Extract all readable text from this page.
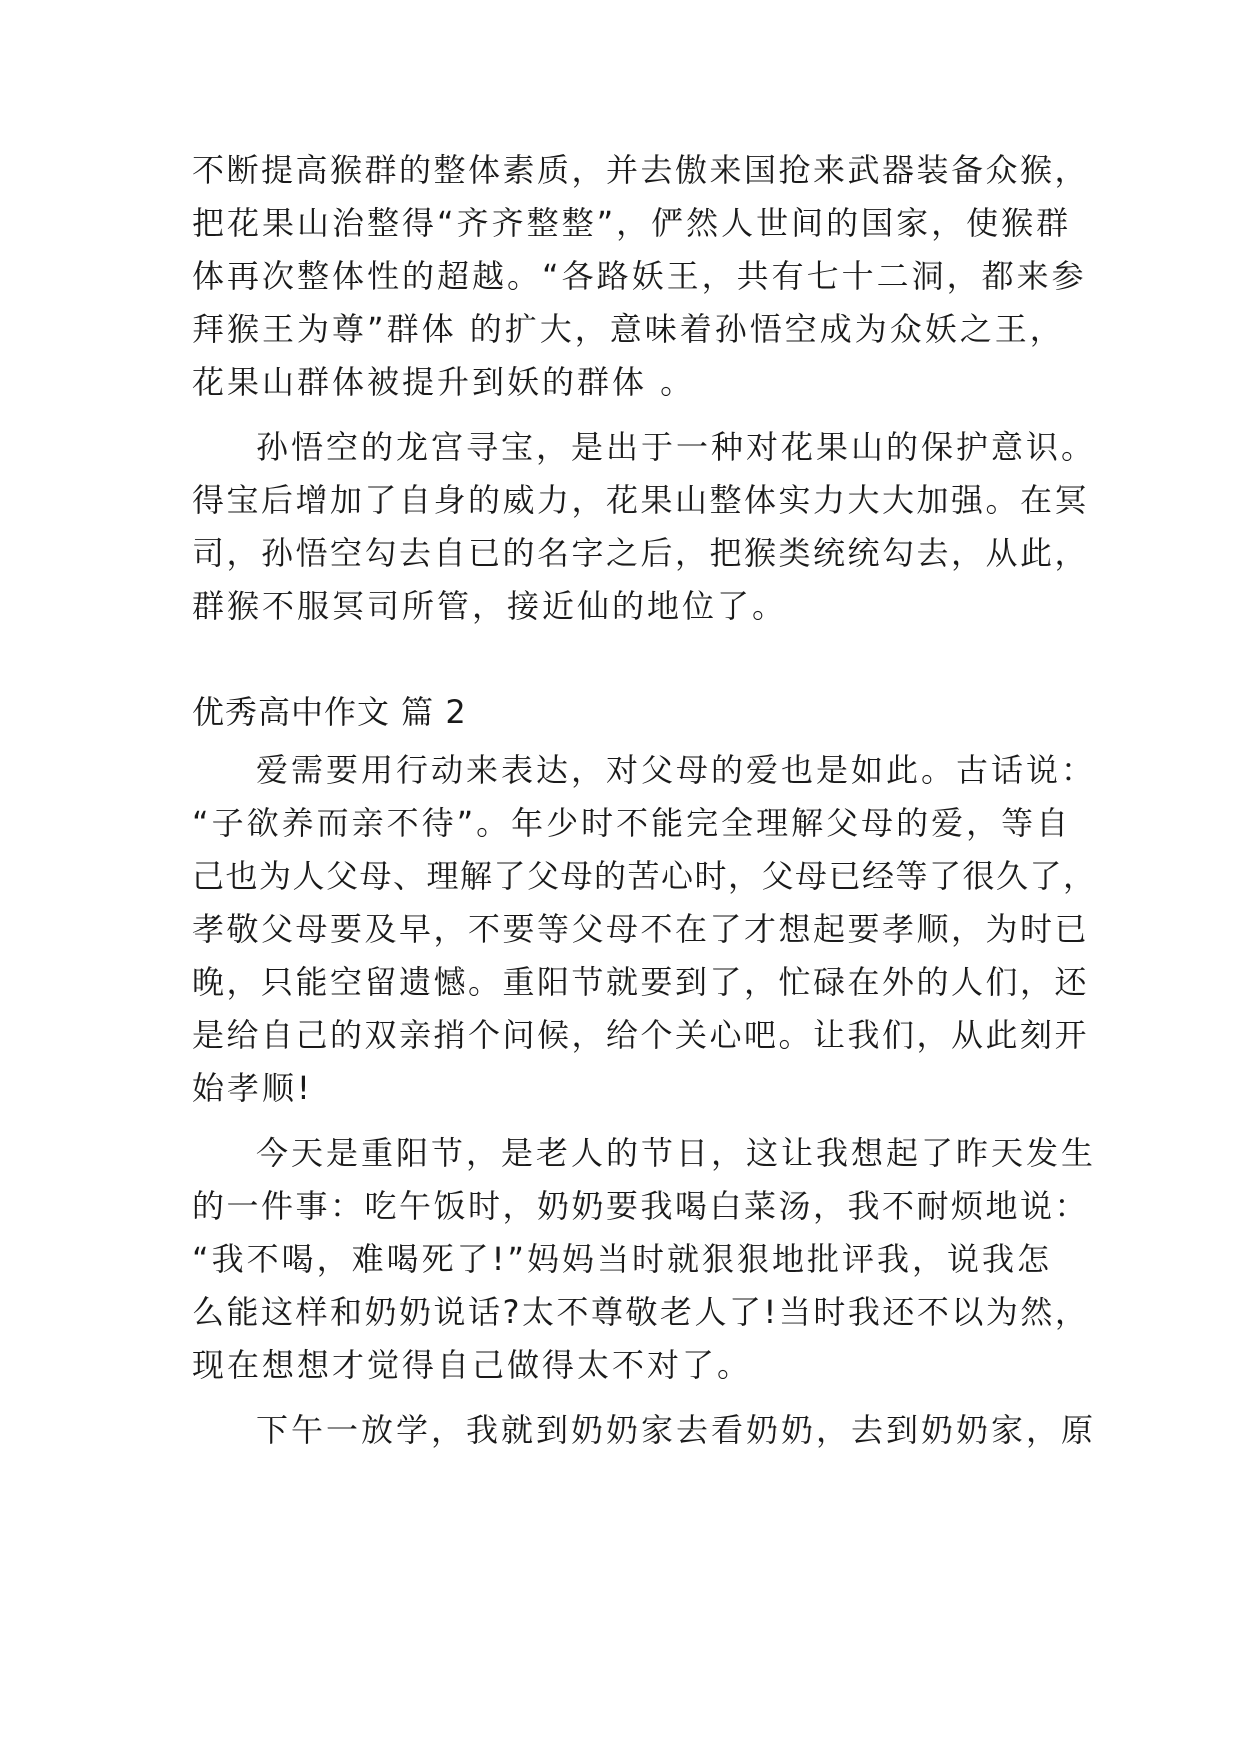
不断提高猴群的整体素质，并去傲来国抢来武器装备众猴，
把花果山治整得“齐齐整整”，俨然人世间的国家，使猴群
体再次整体性的超越。“各路妖王，共有七十二洞，都来参
拜猴王为尊”群体 的扩大，意味着孙悟空成为众妖之王，
花果山群体被提升到妖的群体 。
孙悟空的龙宫寻宝，是出于一种对花果山的保护意识。
得宝后增加了自身的威力，花果山整体实力大大加强。在冥
司，孙悟空勾去自已的名字之后，把猴类统统勾去，从此，
群猴不服冥司所管，接近仙的地位了。
优秀高中作文 篇 2
爱需要用行动来表达，对父母的爱也是如此。古话说：
“子欲养而亲不待”。年少时不能完全理解父母的爱，等自
己也为人父母、理解了父母的苦心时，父母已经等了很久了，
孝敬父母要及早，不要等父母不在了才想起要孝顺，为时已
晚，只能空留遗憾。重阳节就要到了，忙碌在外的人们，还
是给自己的双亲捎个问候，给个关心吧。让我们，从此刻开
始孝顺!
今天是重阳节，是老人的节日，这让我想起了昨天发生
的一件事：吃午饭时，奶奶要我喝白菜汤，我不耐烦地说：
“我不喝，难喝死了!”妈妈当时就狠狠地批评我，说我怎
么能这样和奶奶说话?太不尊敬老人了!当时我还不以为然，
现在想想才觉得自己做得太不对了。
下午一放学，我就到奶奶家去看奶奶，去到奶奶家，原
